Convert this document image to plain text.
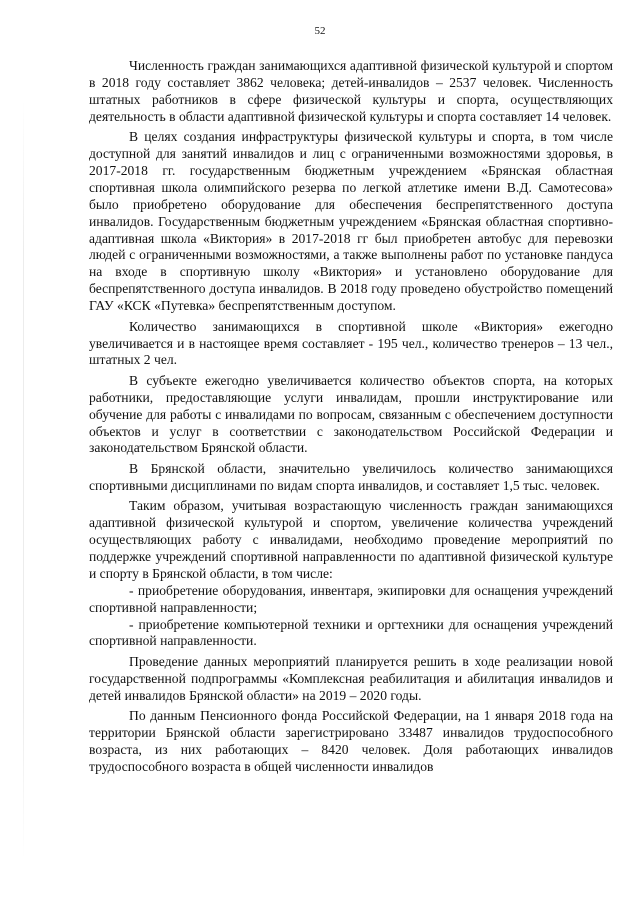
52

Численность граждан занимающихся адаптивной физической культурой и спортом в 2018 году составляет 3862 человека; детей-инвалидов – 2537 человек. Численность штатных работников в сфере физической культуры и спорта, осуществляющих деятельность в области адаптивной физической культуры и спорта составляет 14 человек.

В целях создания инфраструктуры физической культуры и спорта, в том числе доступной для занятий инвалидов и лиц с ограниченными возможностями здоровья, в 2017-2018 гг. государственным бюджетным учреждением «Брянская областная спортивная школа олимпийского резерва по легкой атлетике имени В.Д. Самотесова» было приобретено оборудование для обеспечения беспрепятственного доступа инвалидов. Государственным бюджетным учреждением «Брянская областная спортивно-адаптивная школа «Виктория» в 2017-2018 гг был приобретен автобус для перевозки людей с ограниченными возможностями, а также выполнены работ по установке пандуса на входе в спортивную школу «Виктория» и установлено оборудование для беспрепятственного доступа инвалидов. В 2018 году проведено обустройство помещений ГАУ «КСК «Путевка» беспрепятственным доступом.

Количество занимающихся в спортивной школе «Виктория» ежегодно увеличивается и в настоящее время составляет - 195 чел., количество тренеров – 13 чел., штатных 2 чел.

В субъекте ежегодно увеличивается количество объектов спорта, на которых работники, предоставляющие услуги инвалидам, прошли инструктирование или обучение для работы с инвалидами по вопросам, связанным с обеспечением доступности объектов и услуг в соответствии с законодательством Российской Федерации и законодательством Брянской области.

В Брянской области, значительно увеличилось количество занимающихся спортивными дисциплинами по видам спорта инвалидов, и составляет 1,5 тыс. человек.

Таким образом, учитывая возрастающую численность граждан занимающихся адаптивной физической культурой и спортом, увеличение количества учреждений осуществляющих работу с инвалидами, необходимо проведение мероприятий по поддержке учреждений спортивной направленности по адаптивной физической культуре и спорту в Брянской области, в том числе:

- приобретение оборудования, инвентаря, экипировки для оснащения учреждений спортивной направленности;

- приобретение компьютерной техники и оргтехники для оснащения учреждений спортивной направленности.

Проведение данных мероприятий планируется решить в ходе реализации новой государственной подпрограммы «Комплексная реабилитация и абилитация инвалидов и детей инвалидов Брянской области» на 2019 – 2020 годы.

По данным Пенсионного фонда Российской Федерации, на 1 января 2018 года на территории Брянской области зарегистрировано 33487 инвалидов трудоспособного возраста, из них работающих – 8420 человек. Доля работающих инвалидов трудоспособного возраста в общей численности инвалидов
